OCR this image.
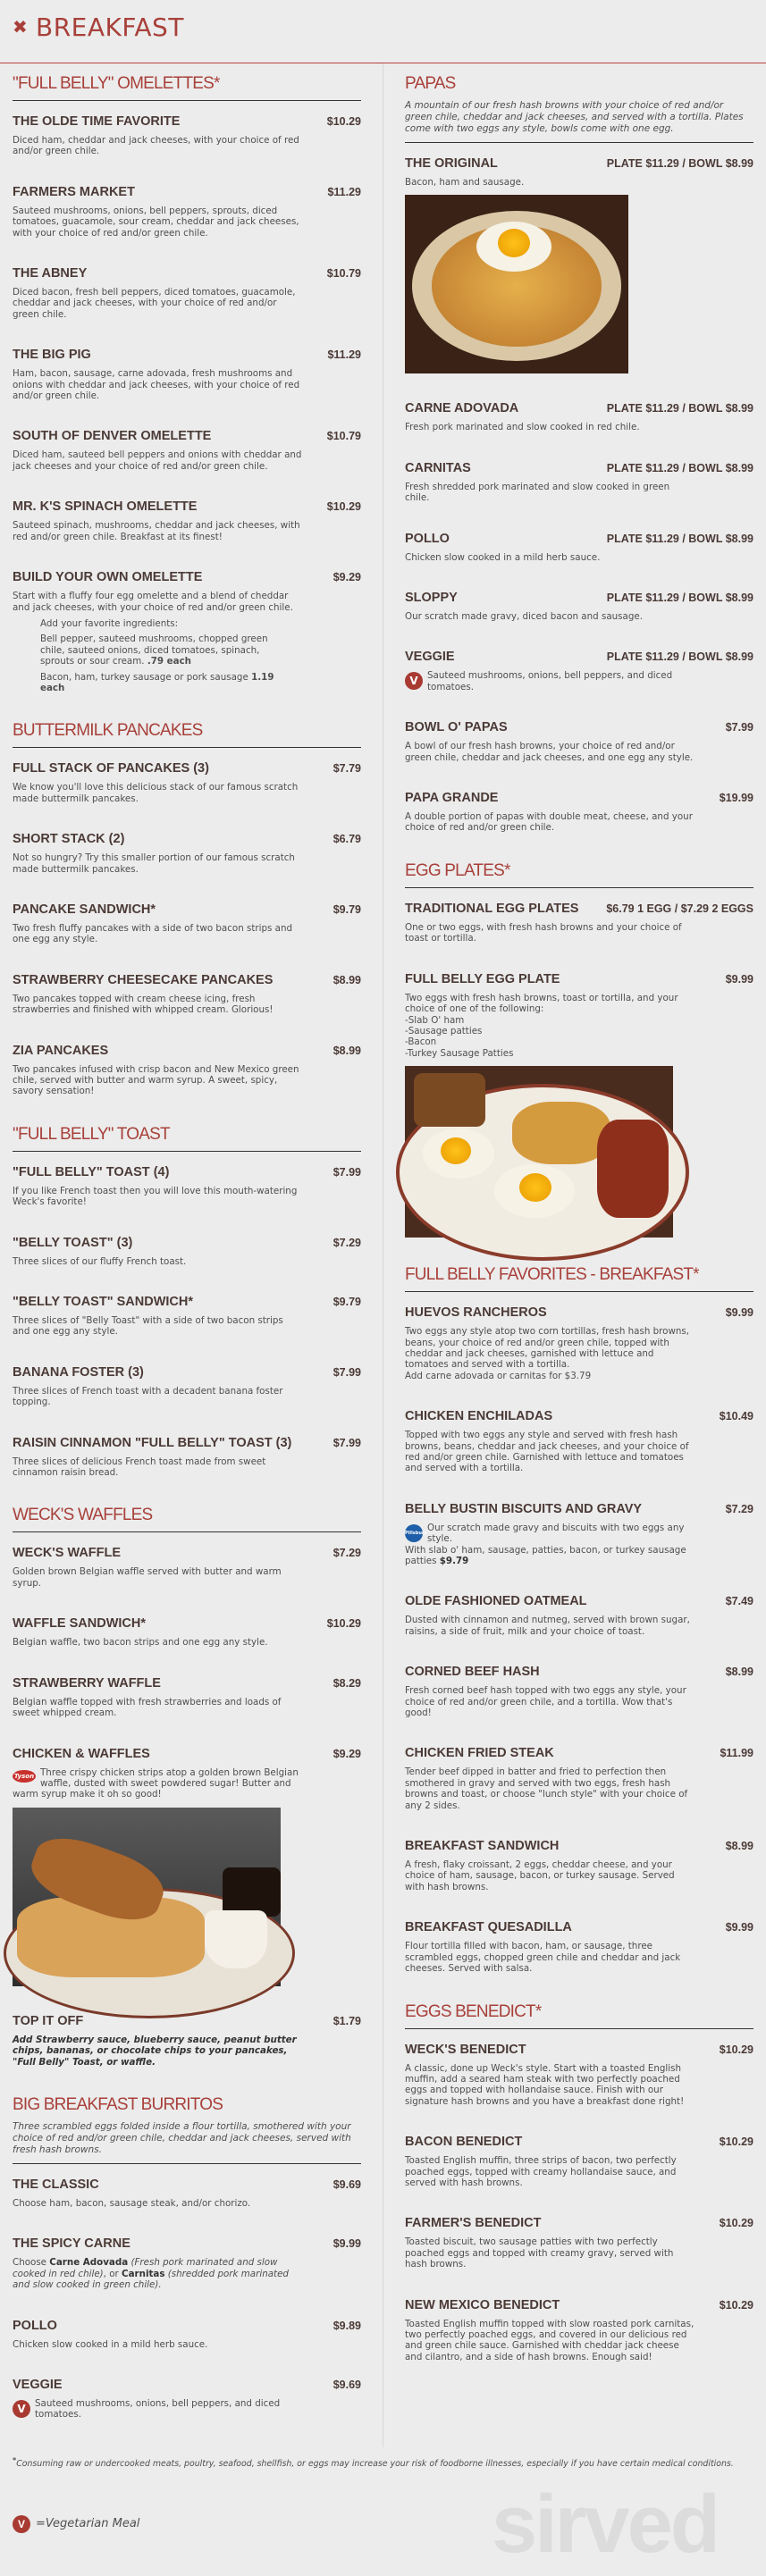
✖ BREAKFAST
"FULL BELLY" OMELETTES*
THE OLDE TIME FAVORITE	$10.29
Diced ham, cheddar and jack cheeses, with your choice of red and/or green chile.
FARMERS MARKET	$11.29
Sauteed mushrooms, onions, bell peppers, sprouts, diced tomatoes, guacamole, sour cream, cheddar and jack cheeses, with your choice of red and/or green chile.
THE ABNEY	$10.79
Diced bacon, fresh bell peppers, diced tomatoes, guacamole, cheddar and jack cheeses, with your choice of red and/or green chile.
THE BIG PIG	$11.29
Ham, bacon, sausage, carne adovada, fresh mushrooms and onions with cheddar and jack cheeses, with your choice of red and/or green chile.
SOUTH OF DENVER OMELETTE	$10.79
Diced ham, sauteed bell peppers and onions with cheddar and jack cheeses and your choice of red and/or green chile.
MR. K'S SPINACH OMELETTE	$10.29
Sauteed spinach, mushrooms, cheddar and jack cheeses, with red and/or green chile. Breakfast at its finest!
BUILD YOUR OWN OMELETTE	$9.29
Start with a fluffy four egg omelette and a blend of cheddar and jack cheeses, with your choice of red and/or green chile.
Add your favorite ingredients:
Bell pepper, sauteed mushrooms, chopped green chile, sauteed onions, diced tomatoes, spinach, sprouts or sour cream. .79 each
Bacon, ham, turkey sausage or pork sausage 1.19 each
BUTTERMILK PANCAKES
FULL STACK OF PANCAKES (3)	$7.79
We know you'll love this delicious stack of our famous scratch made buttermilk pancakes.
SHORT STACK (2)	$6.79
Not so hungry? Try this smaller portion of our famous scratch made buttermilk pancakes.
PANCAKE SANDWICH*	$9.79
Two fresh fluffy pancakes with a side of two bacon strips and one egg any style.
STRAWBERRY CHEESECAKE PANCAKES	$8.99
Two pancakes topped with cream cheese icing, fresh strawberries and finished with whipped cream. Glorious!
ZIA PANCAKES	$8.99
Two pancakes infused with crisp bacon and New Mexico green chile, served with butter and warm syrup. A sweet, spicy, savory sensation!
"FULL BELLY" TOAST
"FULL BELLY" TOAST (4)	$7.99
If you like French toast then you will love this mouth-watering Weck's favorite!
"BELLY TOAST" (3)	$7.29
Three slices of our fluffy French toast.
"BELLY TOAST" SANDWICH*	$9.79
Three slices of "Belly Toast" with a side of two bacon strips and one egg any style.
BANANA FOSTER (3)	$7.99
Three slices of French toast with a decadent banana foster topping.
RAISIN CINNAMON "FULL BELLY" TOAST (3)	$7.99
Three slices of delicious French toast made from sweet cinnamon raisin bread.
WECK'S WAFFLES
WECK'S WAFFLE	$7.29
Golden brown Belgian waffle served with butter and warm syrup.
WAFFLE SANDWICH*	$10.29
Belgian waffle, two bacon strips and one egg any style.
STRAWBERRY WAFFLE	$8.29
Belgian waffle topped with fresh strawberries and loads of sweet whipped cream.
CHICKEN & WAFFLES	$9.29
Tyson Three crispy chicken strips atop a golden brown Belgian waffle, dusted with sweet powdered sugar! Butter and warm syrup make it oh so good!
TOP IT OFF	$1.79
Add Strawberry sauce, blueberry sauce, peanut butter chips, bananas, or chocolate chips to your pancakes, "Full Belly" Toast, or waffle.
BIG BREAKFAST BURRITOS
Three scrambled eggs folded inside a flour tortilla, smothered with your choice of red and/or green chile, cheddar and jack cheeses, served with fresh hash browns.
THE CLASSIC	$9.69
Choose ham, bacon, sausage steak, and/or chorizo.
THE SPICY CARNE	$9.99
Choose Carne Adovada (Fresh pork marinated and slow cooked in red chile), or Carnitas (shredded pork marinated and slow cooked in green chile).
POLLO	$9.89
Chicken slow cooked in a mild herb sauce.
VEGGIE	$9.69
V	Sauteed mushrooms, onions, bell peppers, and diced tomatoes.
PAPAS
A mountain of our fresh hash browns with your choice of red and/or green chile, cheddar and jack cheeses, and served with a tortilla. Plates come with two eggs any style, bowls come with one egg.
THE ORIGINAL	PLATE $11.29 / BOWL $8.99
Bacon, ham and sausage.
CARNE ADOVADA	PLATE $11.29 / BOWL $8.99
Fresh pork marinated and slow cooked in red chile.
CARNITAS	PLATE $11.29 / BOWL $8.99
Fresh shredded pork marinated and slow cooked in green chile.
POLLO	PLATE $11.29 / BOWL $8.99
Chicken slow cooked in a mild herb sauce.
SLOPPY	PLATE $11.29 / BOWL $8.99
Our scratch made gravy, diced bacon and sausage.
VEGGIE	PLATE $11.29 / BOWL $8.99
V	Sauteed mushrooms, onions, bell peppers, and diced tomatoes.
BOWL O' PAPAS	$7.99
A bowl of our fresh hash browns, your choice of red and/or green chile, cheddar and jack cheeses, and one egg any style.
PAPA GRANDE	$19.99
A double portion of papas with double meat, cheese, and your choice of red and/or green chile.
EGG PLATES*
TRADITIONAL EGG PLATES $6.79 1 EGG / $7.29 2 EGGS
One or two eggs, with fresh hash browns and your choice of toast or tortilla.
FULL BELLY EGG PLATE	$9.99
Two eggs with fresh hash browns, toast or tortilla, and your choice of one of the following:
-Slab O' ham
-Sausage patties
-Bacon
-Turkey Sausage Patties
FULL BELLY FAVORITES - BREAKFAST*
HUEVOS RANCHEROS	$9.99
Two eggs any style atop two corn tortillas, fresh hash browns, beans, your choice of red and/or green chile, topped with cheddar and jack cheeses, garnished with lettuce and tomatoes and served with a tortilla.
Add carne adovada or carnitas for $3.79
CHICKEN ENCHILADAS	$10.49
Topped with two eggs any style and served with fresh hash browns, beans, cheddar and jack cheeses, and your choice of red and/or green chile. Garnished with lettuce and tomatoes and served with a tortilla.
BELLY BUSTIN BISCUITS AND GRAVY	$7.29
Pillsbury Our scratch made gravy and biscuits with two eggs any style.
With slab o' ham, sausage, patties, bacon, or turkey sausage patties $9.79
OLDE FASHIONED OATMEAL	$7.49
Dusted with cinnamon and nutmeg, served with brown sugar, raisins, a side of fruit, milk and your choice of toast.
CORNED BEEF HASH	$8.99
Fresh corned beef hash topped with two eggs any style, your choice of red and/or green chile, and a tortilla. Wow that's good!
CHICKEN FRIED STEAK	$11.99
Tender beef dipped in batter and fried to perfection then smothered in gravy and served with two eggs, fresh hash browns and toast, or choose "lunch style" with your choice of any 2 sides.
BREAKFAST SANDWICH	$8.99
A fresh, flaky croissant, 2 eggs, cheddar cheese, and your choice of ham, sausage, bacon, or turkey sausage. Served with hash browns.
BREAKFAST QUESADILLA	$9.99
Flour tortilla filled with bacon, ham, or sausage, three scrambled eggs, chopped green chile and cheddar and jack cheeses. Served with salsa.
EGGS BENEDICT*
WECK'S BENEDICT	$10.29
A classic, done up Weck's style. Start with a toasted English muffin, add a seared ham steak with two perfectly poached eggs and topped with hollandaise sauce. Finish with our signature hash browns and you have a breakfast done right!
BACON BENEDICT	$10.29
Toasted English muffin, three strips of bacon, two perfectly poached eggs, topped with creamy hollandaise sauce, and served with hash browns.
FARMER'S BENEDICT	$10.29
Toasted biscuit, two sausage patties with two perfectly poached eggs and topped with creamy gravy, served with hash browns.
NEW MEXICO BENEDICT	$10.29
Toasted English muffin topped with slow roasted pork carnitas, two perfectly poached eggs, and covered in our delicious red and green chile sauce. Garnished with cheddar jack cheese and cilantro, and a side of hash browns. Enough said!
*Consuming raw or undercooked meats, poultry, seafood, shellfish, or eggs may increase your risk of foodborne illnesses, especially if you have certain medical conditions.
V =Vegetarian Meal	sirved
